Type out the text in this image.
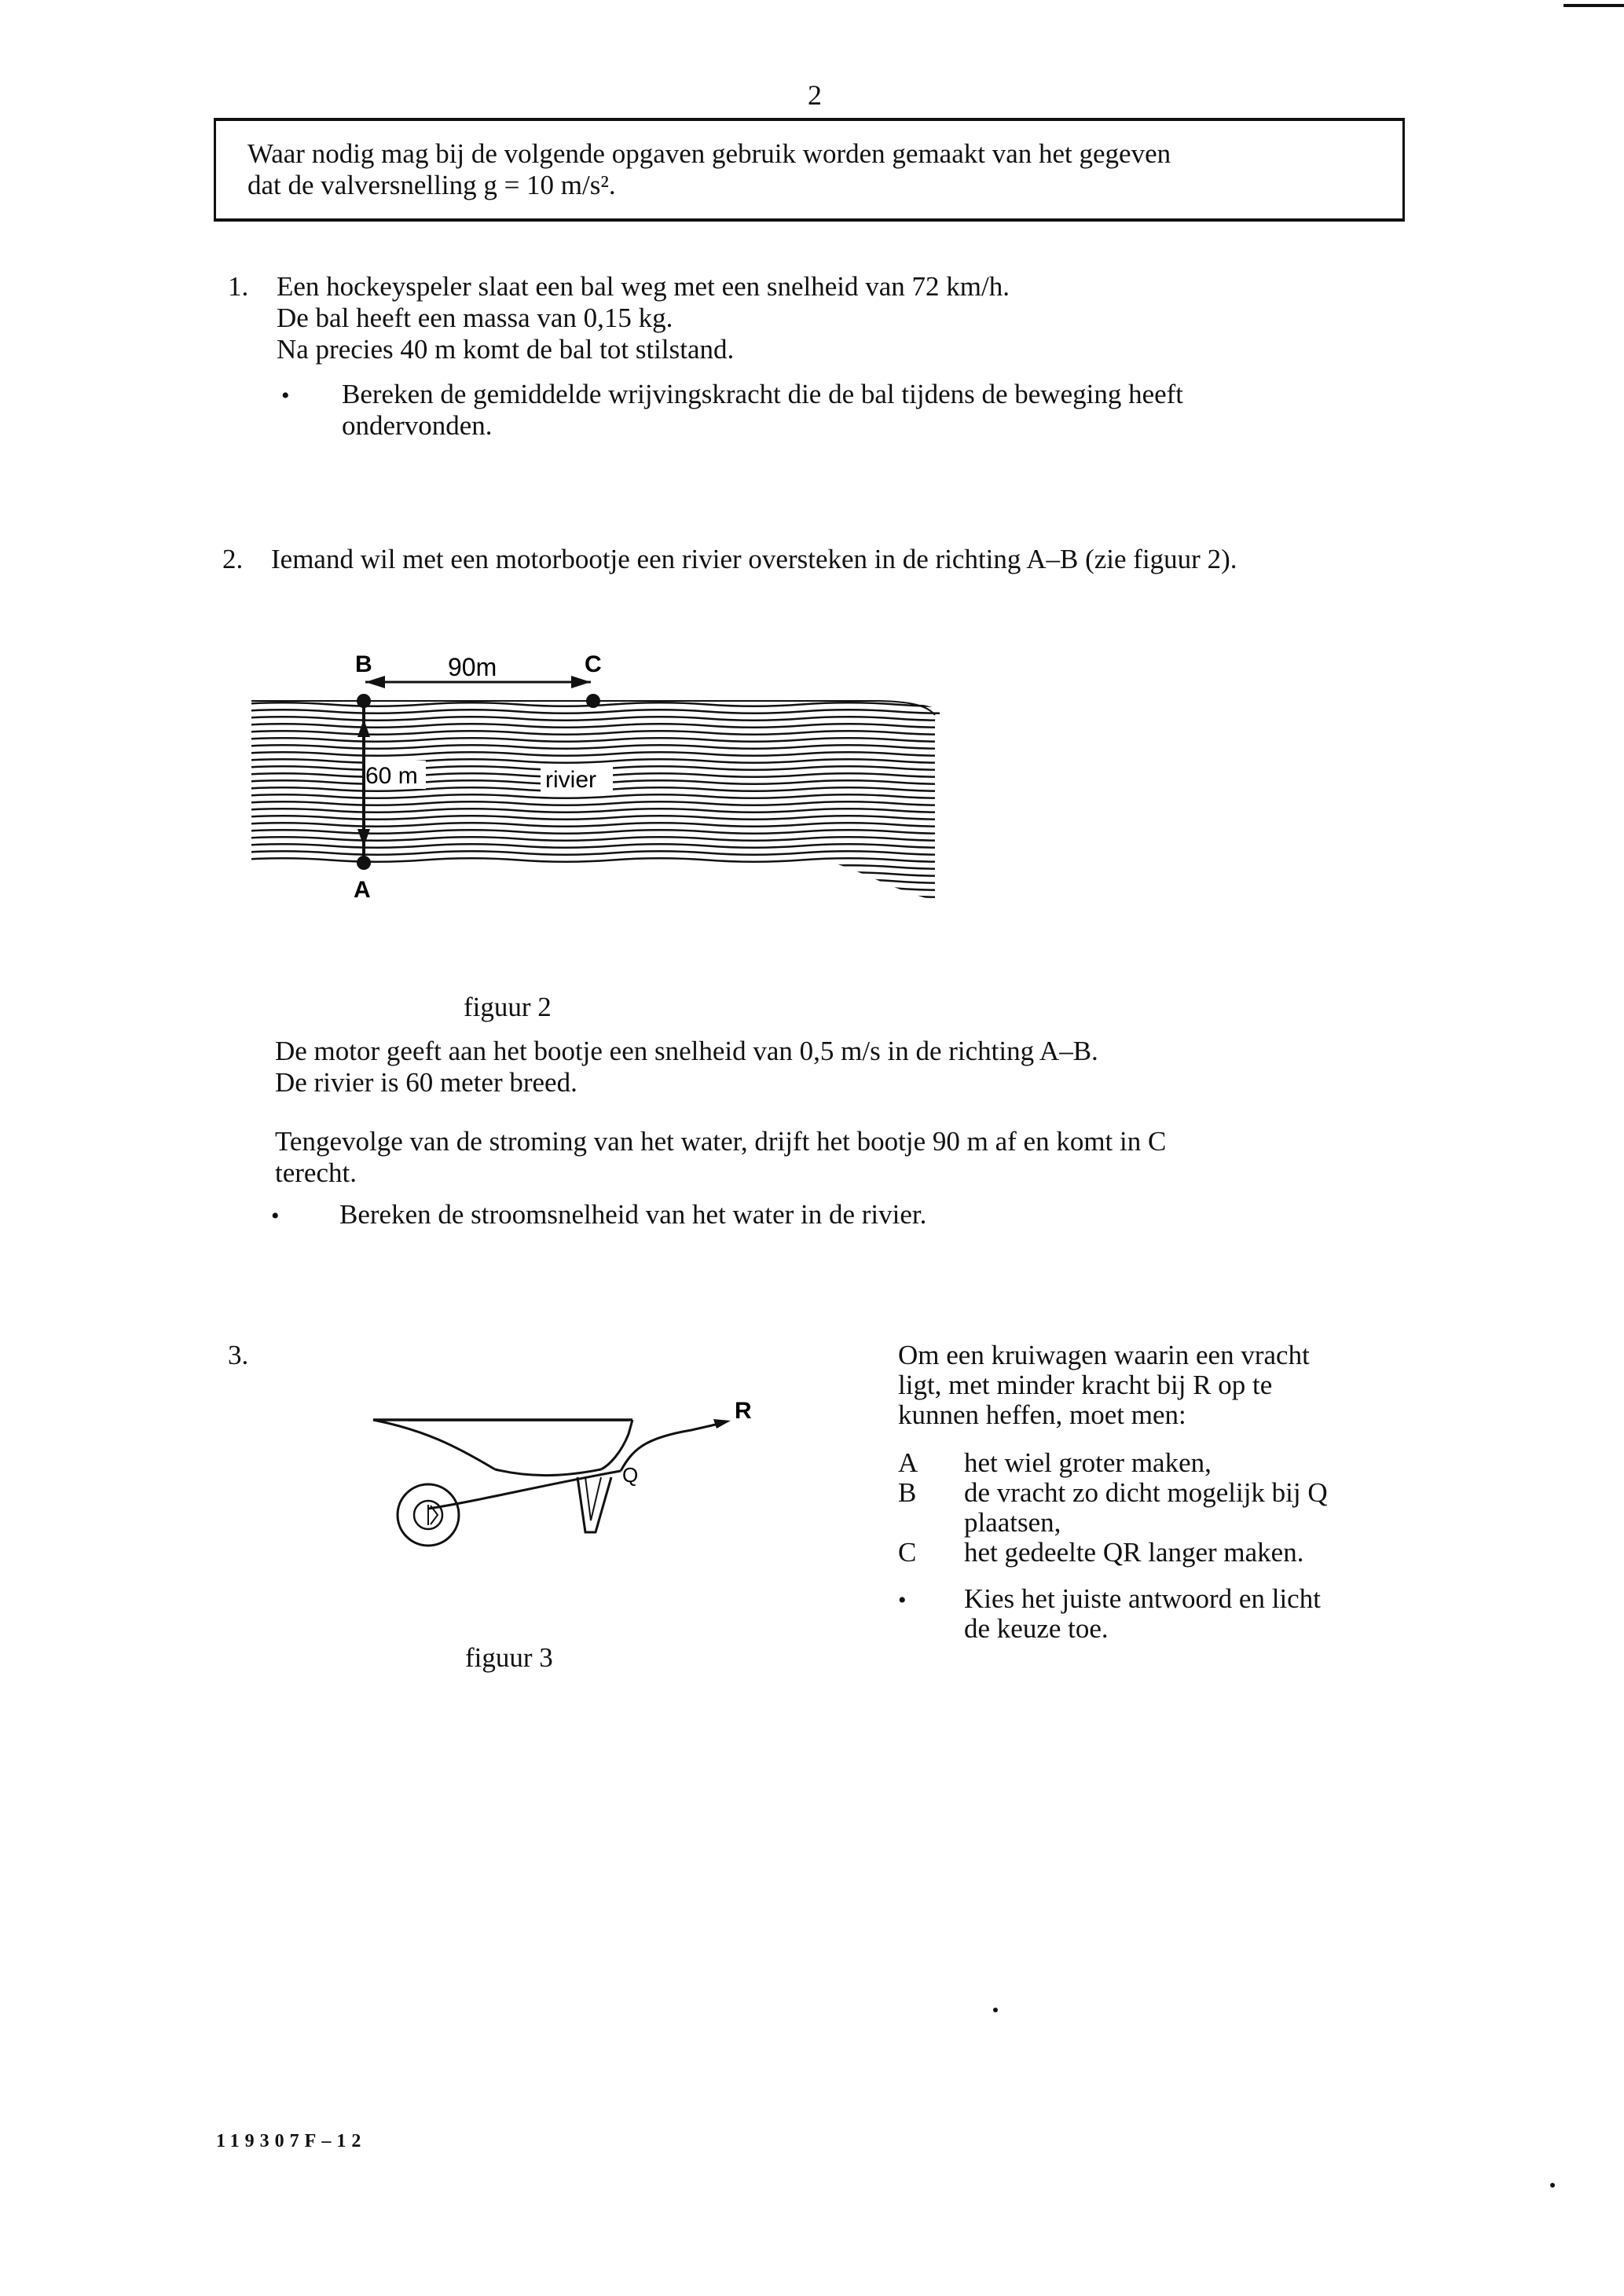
2
Waar nodig mag bij de volgende opgaven gebruik worden gemaakt van het gegeven
dat de valversnelling g = 10 m/s².
1. Een hockeyspeler slaat een bal weg met een snelheid van 72 km/h.
De bal heeft een massa van 0,15 kg.
Na precies 40 m komt de bal tot stilstand.
• Bereken de gemiddelde wrijvingskracht die de bal tijdens de beweging heeft
ondervonden.
2. Iemand wil met een motorbootje een rivier oversteken in de richting A–B (zie figuur 2).
B	C
A
90m
60 m	rivier
figuur 2
De motor geeft aan het bootje een snelheid van 0,5 m/s in de richting A–B.
De rivier is 60 meter breed.
Tengevolge van de stroming van het water, drijft het bootje 90 m af en komt in C
terecht.
• Bereken de stroomsnelheid van het water in de rivier.
3.
R
Q
figuur 3
Om een kruiwagen waarin een vracht
ligt, met minder kracht bij R op te
kunnen heffen, moet men:
A het wiel groter maken,
B de vracht zo dicht mogelijk bij Q
plaatsen,
C het gedeelte QR langer maken.
• Kies het juiste antwoord en licht
de keuze toe.
119307F–12
